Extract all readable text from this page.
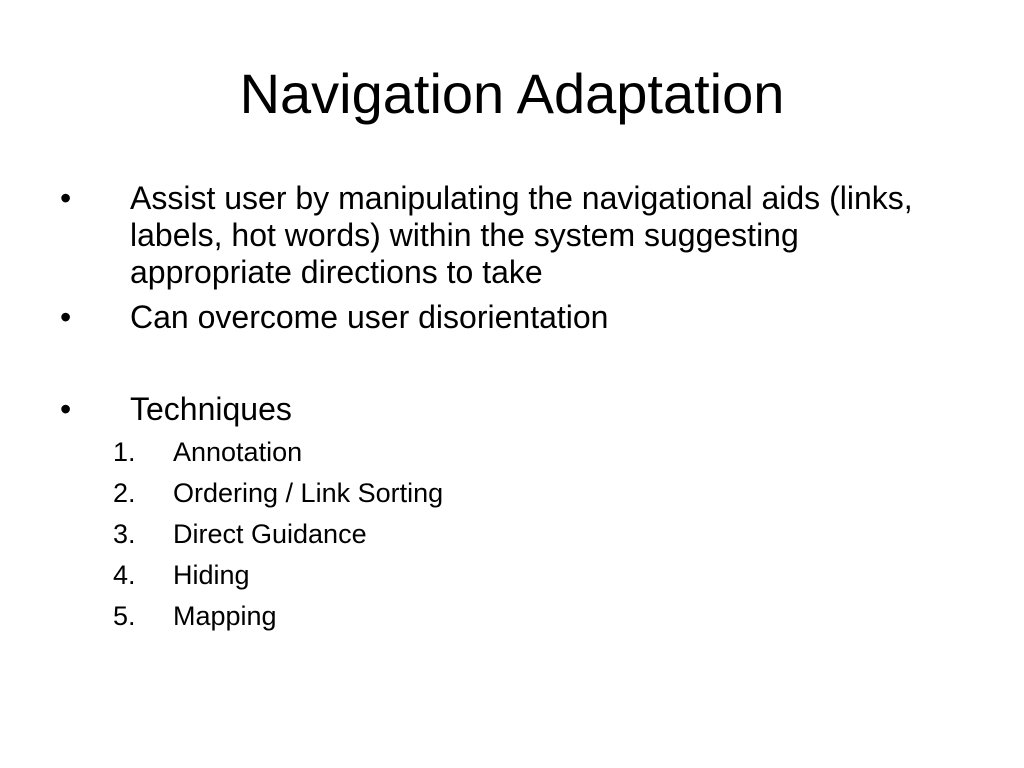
Navigation Adaptation
•	Assist user by manipulating the navigational aids (links, labels, hot words) within the system suggesting appropriate directions to take
•	Can overcome user disorientation
•	Techniques
1.	Annotation
2.	Ordering / Link Sorting
3.	Direct Guidance
4.	Hiding
5.	Mapping
